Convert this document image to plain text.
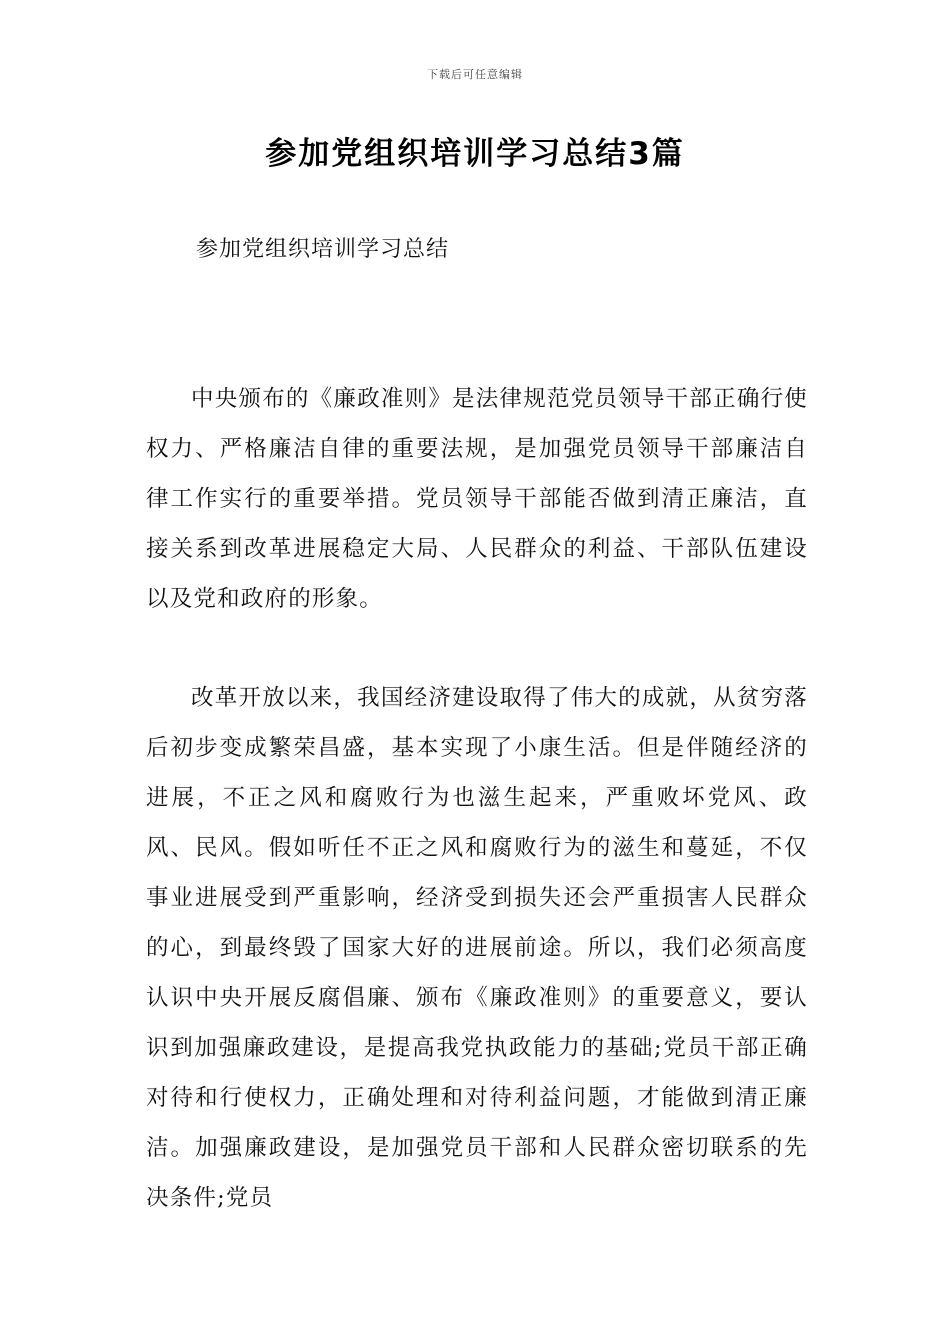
下载后可任意编辑
参加党组织培训学习总结3篇
参加党组织培训学习总结

中央颁布的《廉政准则》是法律规范党员领导干部正确行使权力、严格廉洁自律的重要法规，是加强党员领导干部廉洁自律工作实行的重要举措。党员领导干部能否做到清正廉洁，直接关系到改革进展稳定大局、人民群众的利益、干部队伍建设以及党和政府的形象。

改革开放以来，我国经济建设取得了伟大的成就，从贫穷落后初步变成繁荣昌盛，基本实现了小康生活。但是伴随经济的进展，不正之风和腐败行为也滋生起来，严重败坏党风、政风、民风。假如听任不正之风和腐败行为的滋生和蔓延，不仅事业进展受到严重影响，经济受到损失还会严重损害人民群众的心，到最终毁了国家大好的进展前途。所以，我们必须高度认识中央开展反腐倡廉、颁布《廉政准则》的重要意义，要认识到加强廉政建设，是提高我党执政能力的基础;党员干部正确对待和行使权力，正确处理和对待利益问题，才能做到清正廉洁。加强廉政建设，是加强党员干部和人民群众密切联系的先决条件;党员
